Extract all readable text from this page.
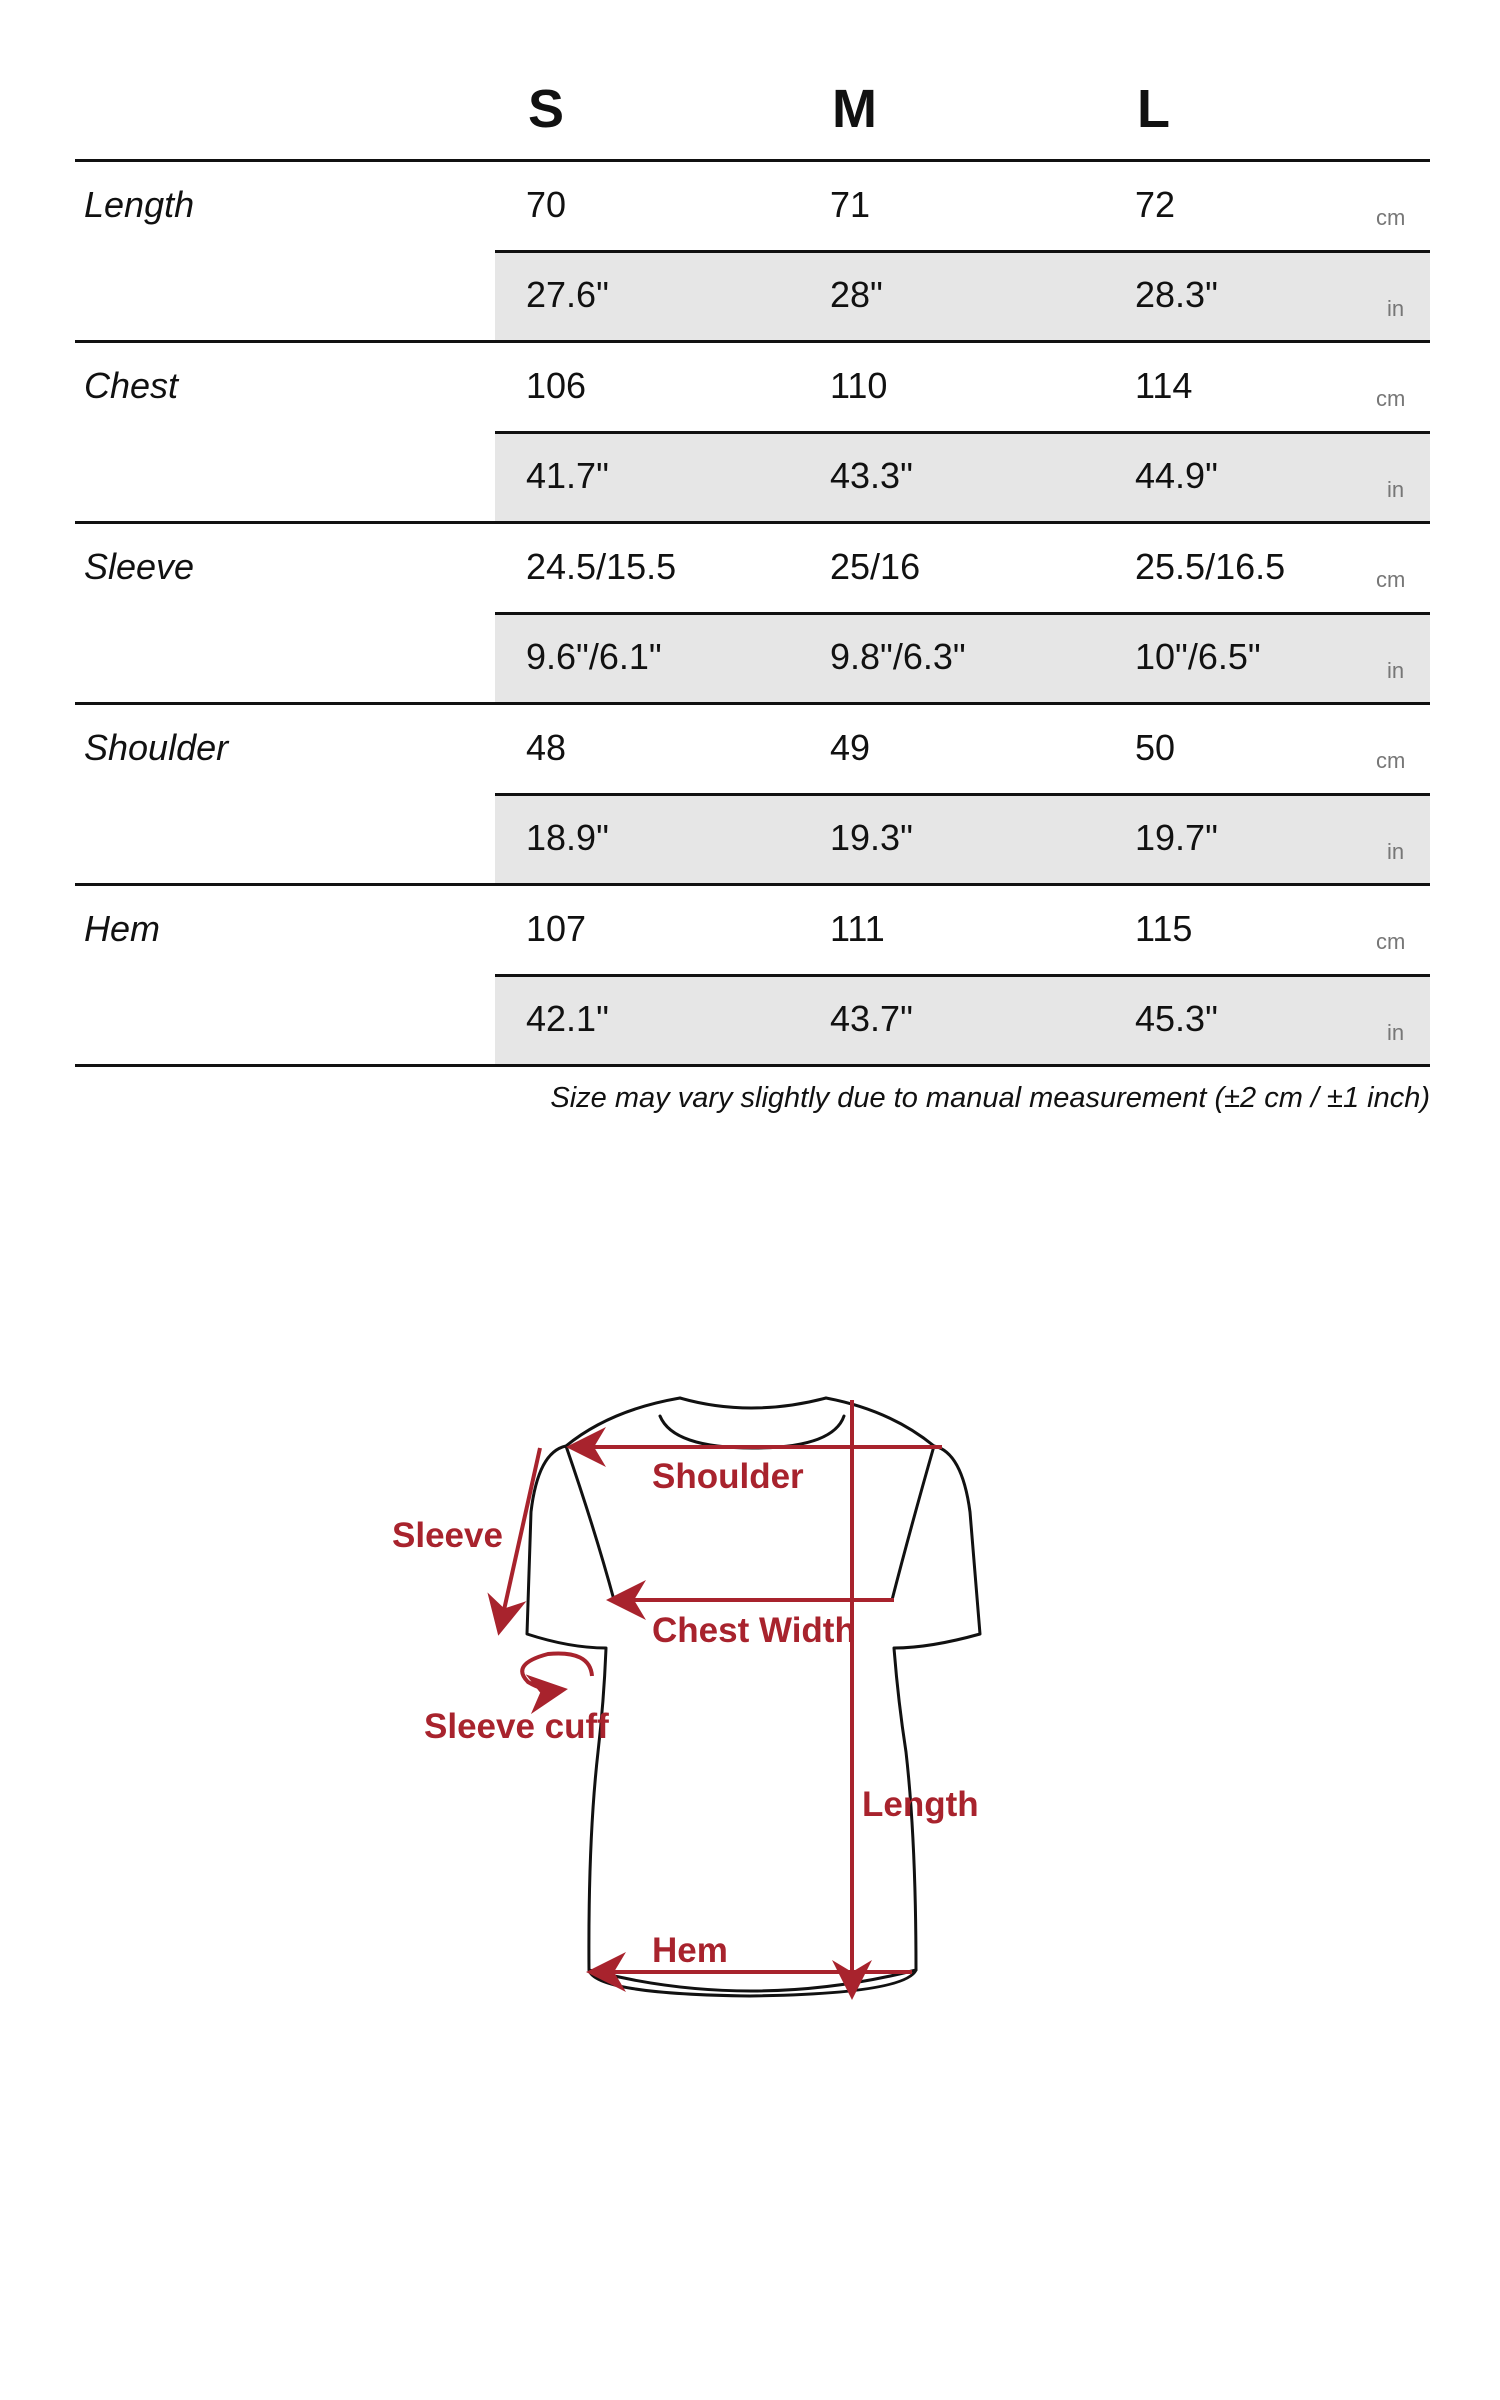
S	M	L
Length	70	71	72	cm
27.6"	28"	28.3"	in
Chest	106	110	114	cm
41.7"	43.3"	44.9"	in
Sleeve	24.5/15.5	25/16	25.5/16.5	cm
9.6"/6.1"	9.8"/6.3"	10"/6.5"	in
Shoulder	48	49	50	cm
18.9"	19.3"	19.7"	in
Hem	107	111	115	cm
42.1"	43.7"	45.3"	in
Size may vary slightly due to manual measurement (±2 cm / ±1 inch)
Shoulder
Sleeve
Chest Width
Sleeve cuff
Length
Hem
